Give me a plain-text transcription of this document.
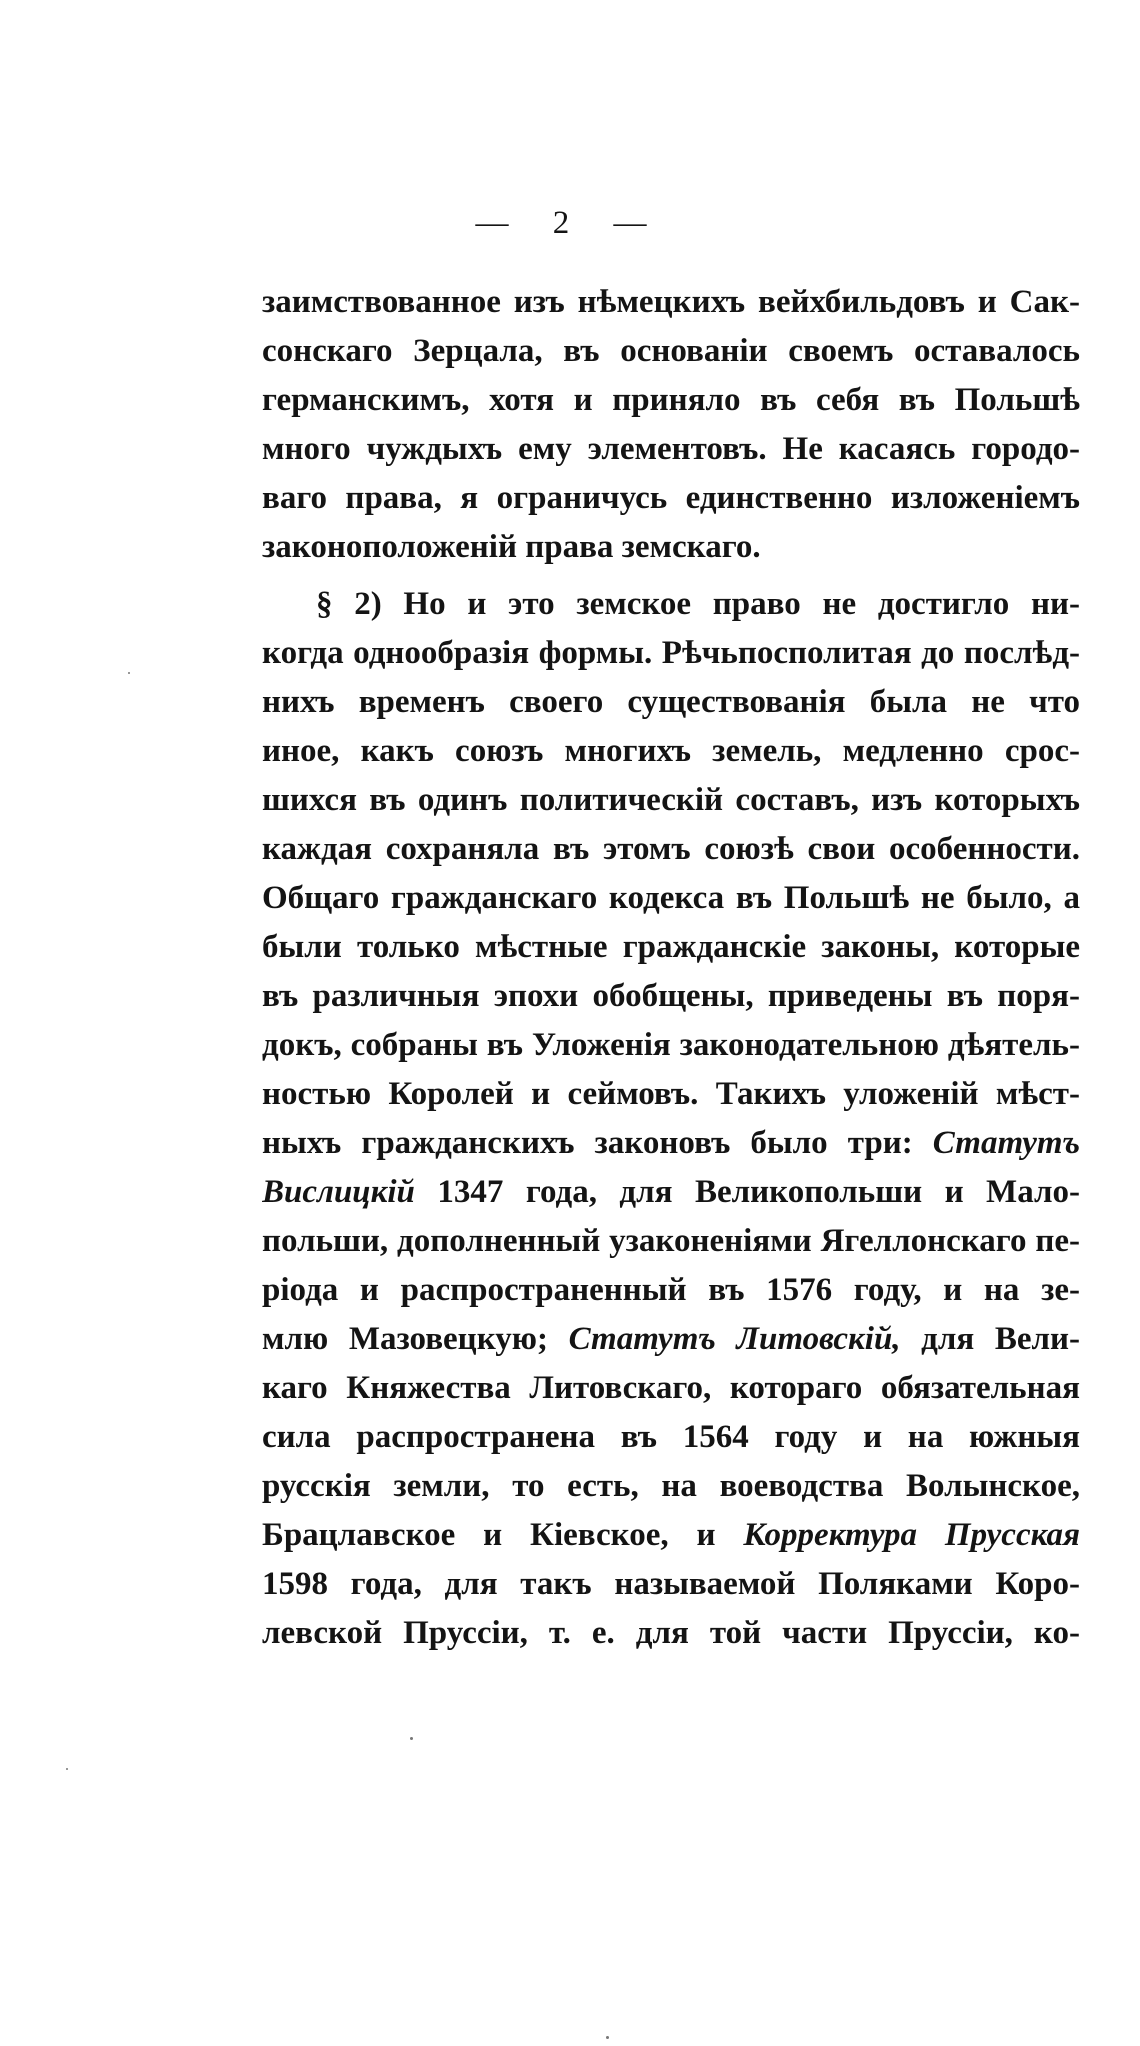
— 2 —
заимствованное изъ нѣмецкихъ вейхбильдовъ и Сак-
сонскаго Зерцала, въ основаніи своемъ оставалось
германскимъ, хотя и приняло въ себя въ Польшѣ
много чуждыхъ ему элементовъ. Не касаясь городо-
ваго права, я ограничусь единственно изложеніемъ
законоположеній права земскаго.
§ 2) Но и это земское право не достигло ни-
когда однообразія формы. Рѣчьпосполитая до послѣд-
нихъ временъ своего существованія была не что
иное, какъ союзъ многихъ земель, медленно срос-
шихся въ одинъ политическій составъ, изъ которыхъ
каждая сохраняла въ этомъ союзѣ свои особенности.
Общаго гражданскаго кодекса въ Польшѣ не было, а
были только мѣстные гражданскіе законы, которые
въ различныя эпохи обобщены, приведены въ поря-
докъ, собраны въ Уложенія законодательною дѣятель-
ностью Королей и сеймовъ. Такихъ уложеній мѣст-
ныхъ гражданскихъ законовъ было три: Статутъ
Вислицкій 1347 года, для Великопольши и Мало-
польши, дополненный узаконеніями Ягеллонскаго пе-
ріода и распространенный въ 1576 году, и на зе-
млю Мазовецкую; Статутъ Литовскій, для Вели-
каго Княжества Литовскаго, котораго обязательная
сила распространена въ 1564 году и на южныя
русскія земли, то есть, на воеводства Волынское,
Брацлавское и Кіевское, и Корректура Прусская
1598 года, для такъ называемой Поляками Коро-
левской Пруссіи, т. е. для той части Пруссіи, ко-
